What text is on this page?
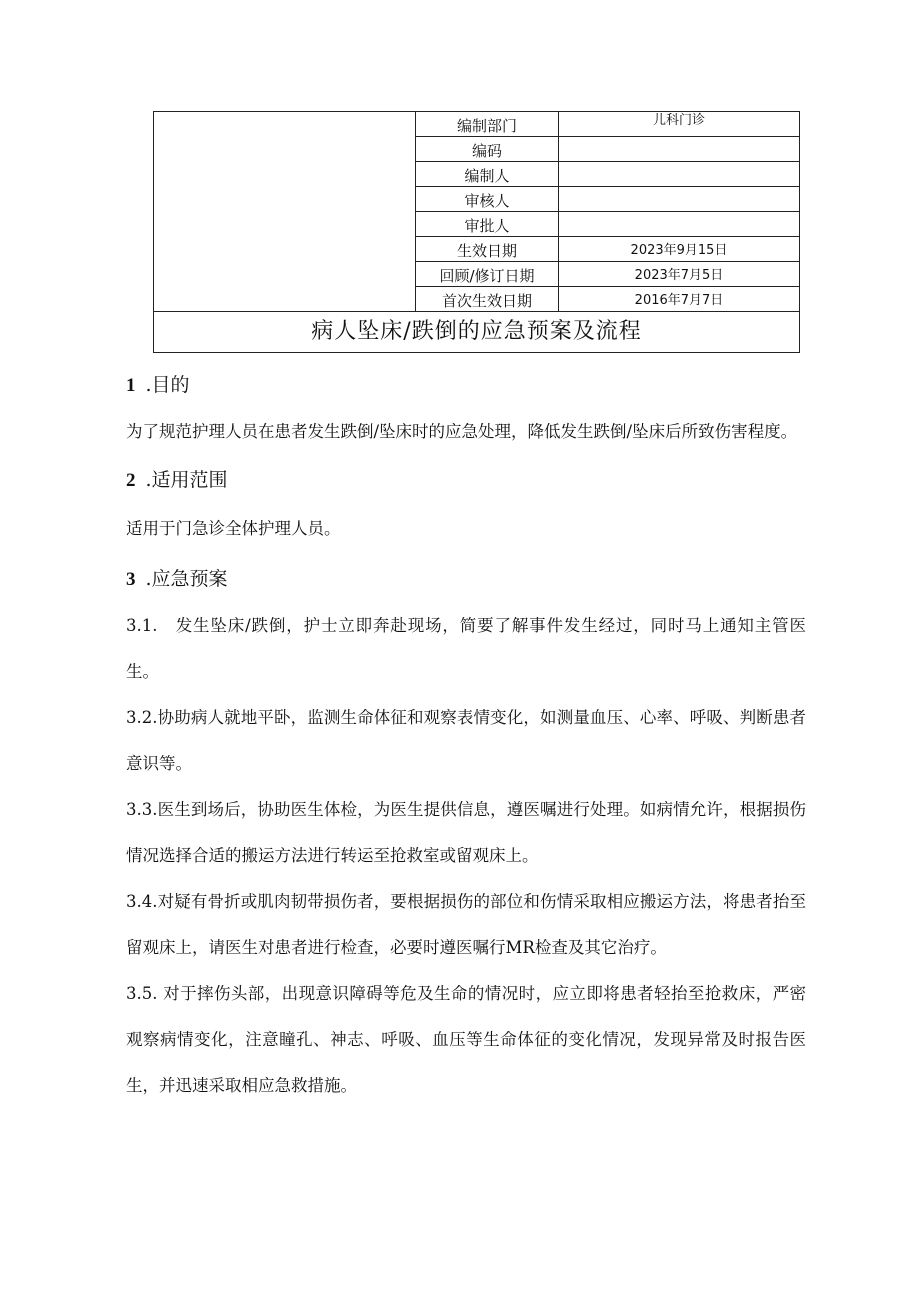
	编制部门	儿科门诊
	编码	
	编制人	
	审核人	
	审批人	
	生效日期	2023年9月15日
	回顾/修订日期	2023年7月5日
	首次生效日期	2016年7月7日
病人坠床/跌倒的应急预案及流程		
1 .目的

为了规范护理人员在患者发生跌倒/坠床时的应急处理，降低发生跌倒/坠床后所致伤害程度。

2 .适用范围

适用于门急诊全体护理人员。

3 .应急预案

3.1.　发生坠床/跌倒，护士立即奔赴现场，简要了解事件发生经过，同时马上通知主管医生。

3.2.协助病人就地平卧，监测生命体征和观察表情变化，如测量血压、心率、呼吸、判断患者意识等。

3.3.医生到场后，协助医生体检，为医生提供信息，遵医嘱进行处理。如病情允许，根据损伤情况选择合适的搬运方法进行转运至抢救室或留观床上。

3.4.对疑有骨折或肌肉韧带损伤者，要根据损伤的部位和伤情采取相应搬运方法，将患者抬至留观床上，请医生对患者进行检查，必要时遵医嘱行MR检查及其它治疗。

3.5. 对于摔伤头部，出现意识障碍等危及生命的情况时，应立即将患者轻抬至抢救床，严密观察病情变化，注意瞳孔、神志、呼吸、血压等生命体征的变化情况，发现异常及时报告医生，并迅速采取相应急救措施。
